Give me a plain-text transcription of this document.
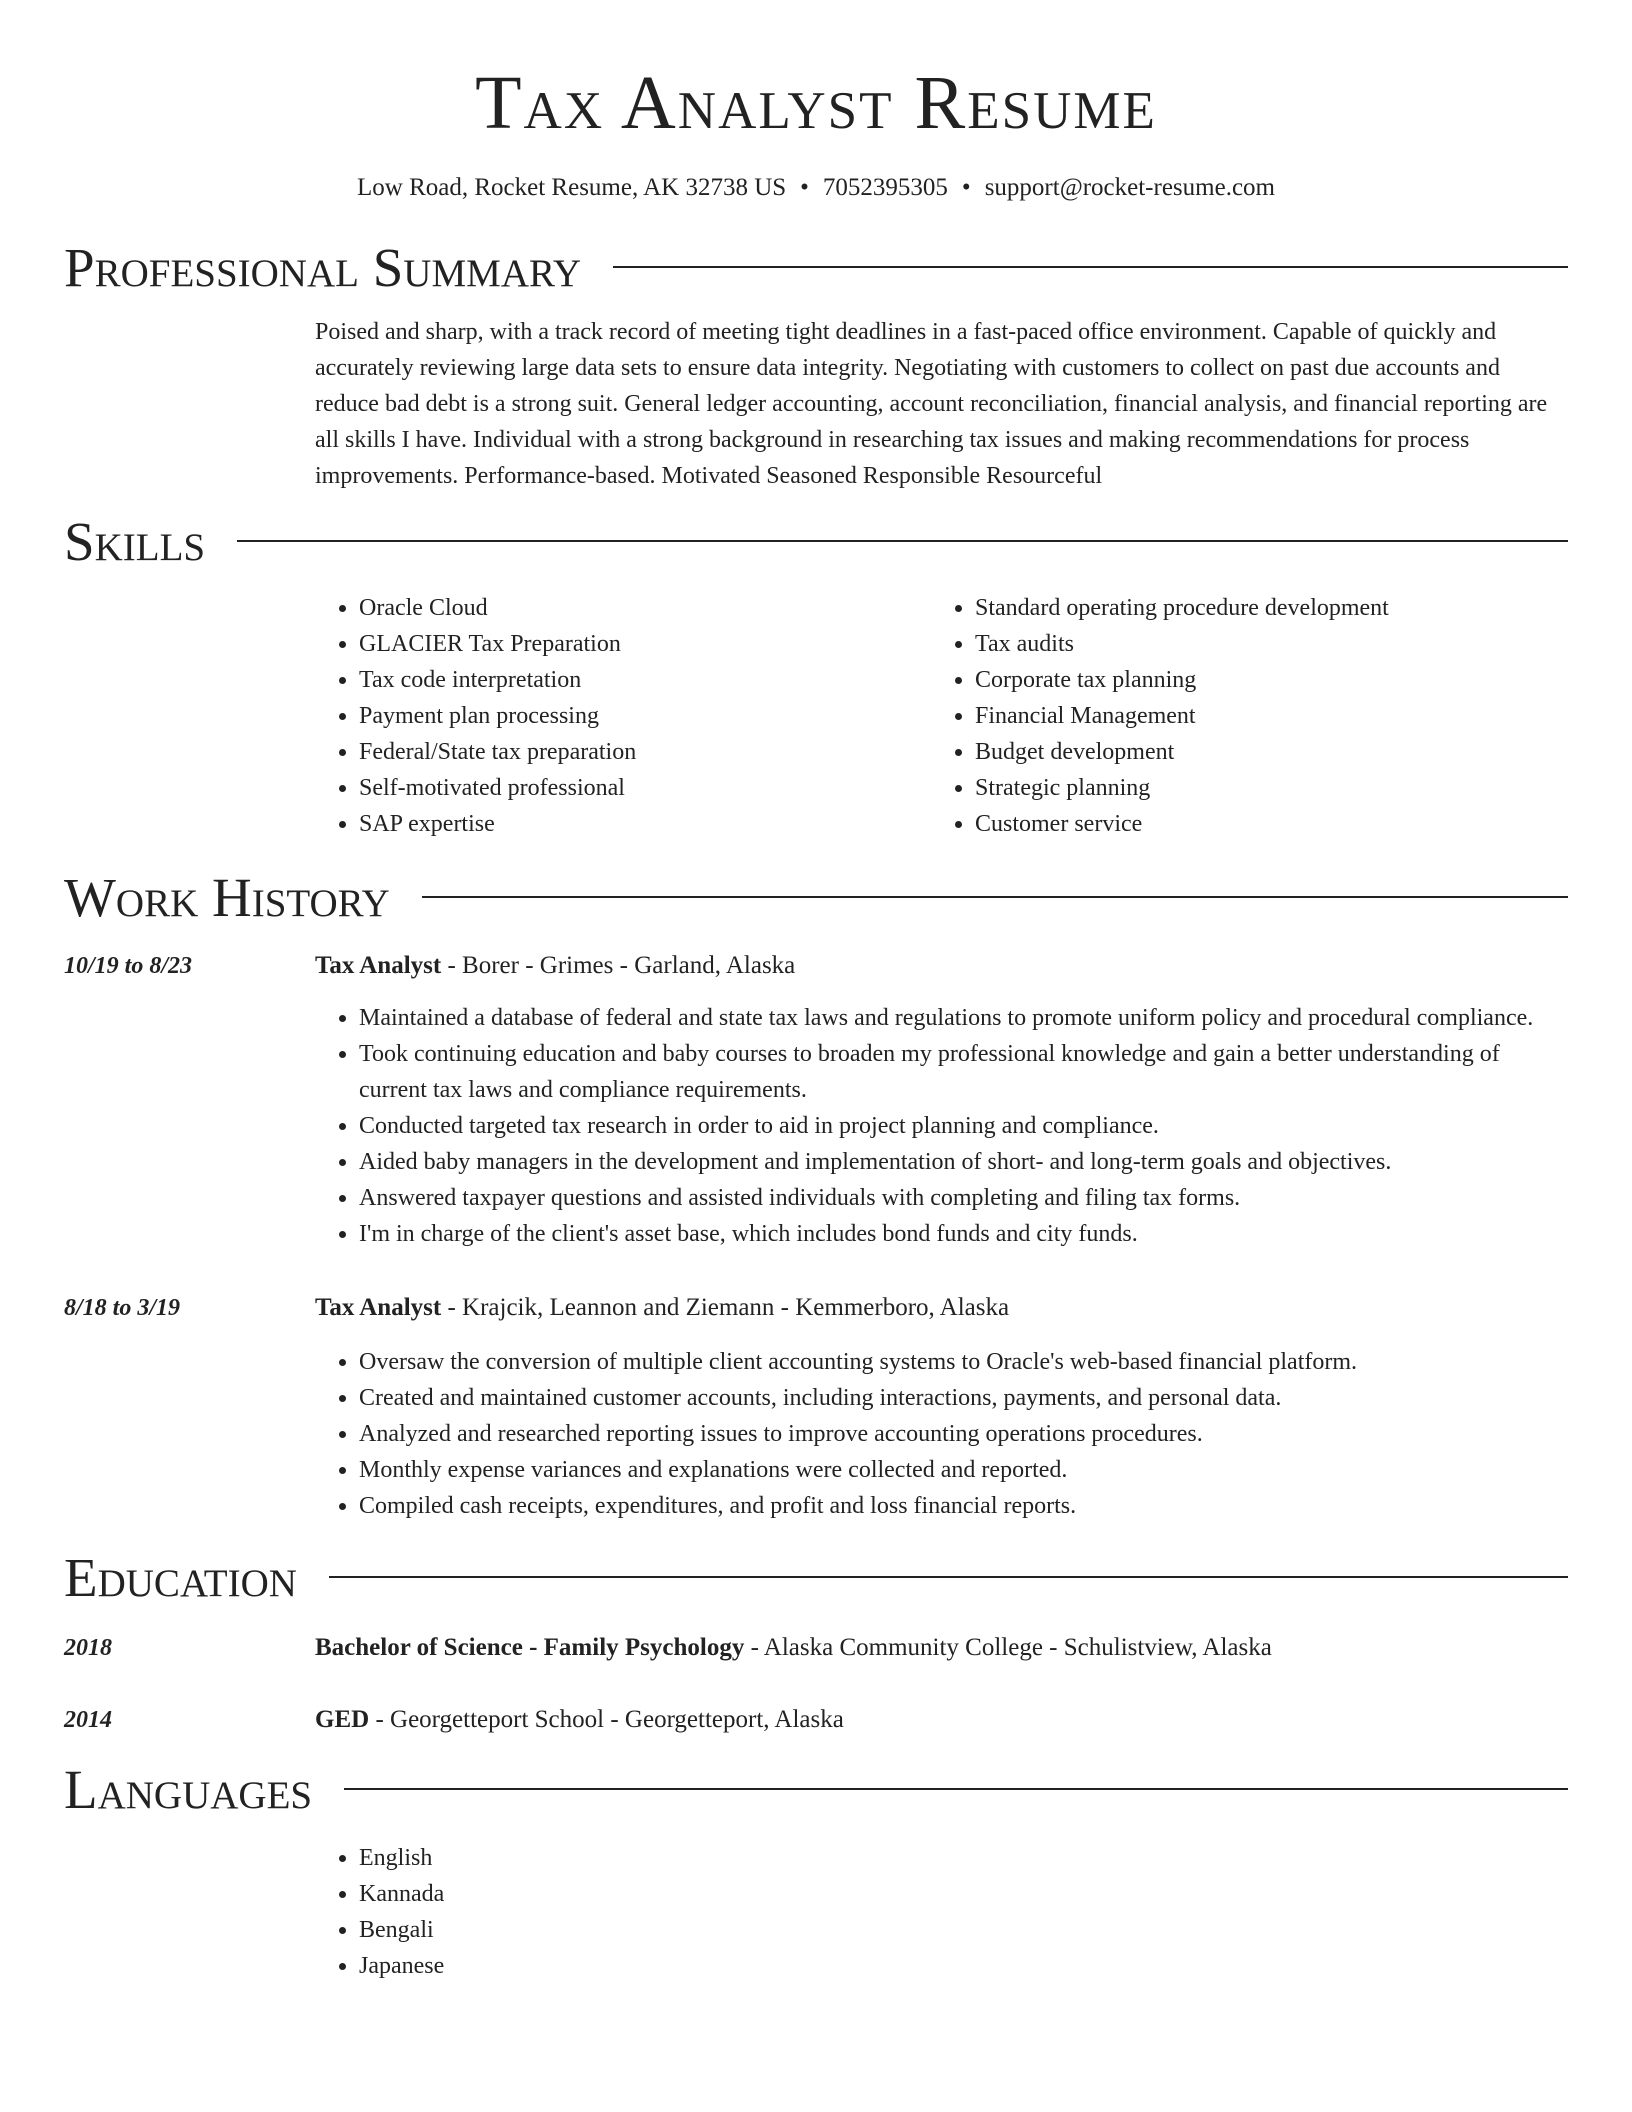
Tax Analyst Resume
Low Road, Rocket Resume, AK 32738 US • 7052395305 • support@rocket-resume.com
Professional Summary

Poised and sharp, with a track record of meeting tight deadlines in a fast-paced office environment. Capable of quickly and accurately reviewing large data sets to ensure data integrity. Negotiating with customers to collect on past due accounts and reduce bad debt is a strong suit. General ledger accounting, account reconciliation, financial analysis, and financial reporting are all skills I have. Individual with a strong background in researching tax issues and making recommendations for process improvements. Performance-based. Motivated Seasoned Responsible Resourceful

Skills
• Oracle Cloud
• GLACIER Tax Preparation
• Tax code interpretation
• Payment plan processing
• Federal/State tax preparation
• Self-motivated professional
• SAP expertise
• Standard operating procedure development
• Tax audits
• Corporate tax planning
• Financial Management
• Budget development
• Strategic planning
• Customer service
Work History
10/19 to 8/23	Tax Analyst - Borer - Grimes - Garland, Alaska
• Maintained a database of federal and state tax laws and regulations to promote uniform policy and procedural compliance.
• Took continuing education and baby courses to broaden my professional knowledge and gain a better understanding of current tax laws and compliance requirements.
• Conducted targeted tax research in order to aid in project planning and compliance.
• Aided baby managers in the development and implementation of short- and long-term goals and objectives.
• Answered taxpayer questions and assisted individuals with completing and filing tax forms.
• I'm in charge of the client's asset base, which includes bond funds and city funds.
8/18 to 3/19	Tax Analyst - Krajcik, Leannon and Ziemann - Kemmerboro, Alaska
• Oversaw the conversion of multiple client accounting systems to Oracle's web-based financial platform.
• Created and maintained customer accounts, including interactions, payments, and personal data.
• Analyzed and researched reporting issues to improve accounting operations procedures.
• Monthly expense variances and explanations were collected and reported.
• Compiled cash receipts, expenditures, and profit and loss financial reports.
Education
2018	Bachelor of Science - Family Psychology - Alaska Community College - Schulistview, Alaska
2014	GED - Georgetteport School - Georgetteport, Alaska
Languages
• English
• Kannada
• Bengali
• Japanese
